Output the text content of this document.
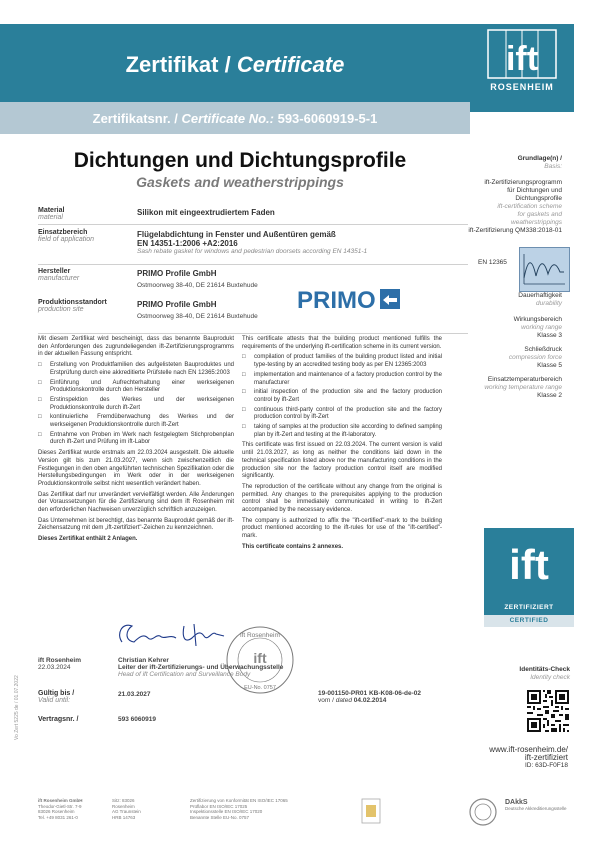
Zertifikat / Certificate
Zertifikatsnr. / Certificate No.: 593-6060919-5-1
ift
ROSENHEIM
Dichtungen und Dichtungsprofile
Gaskets and weatherstrippings
Material
material
Silikon mit eingeextrudiertem Faden
Einsatzbereich
field of application
Flügelabdichtung in Fenster und Außentüren gemäß
EN 14351-1:2006 +A2:2016
Sash rebate gasket for windows and pedestrian doorsets according EN 14351-1
Hersteller
manufacturer
PRIMO Profile GmbH
Ostmoorweg 38-40, DE 21614 Buxtehude
Produktionsstandort
production site
PRIMO Profile GmbH
Ostmoorweg 38-40, DE 21614 Buxtehude
PRIMO

Mit diesem Zertifikat wird bescheinigt, dass das benannte Bauprodukt den Anforderungen des zugrundeliegenden ift-Zertifizierungsprogramms in der aktuellen Fassung entspricht.

□ Erstellung von Produktfamilien des aufgelisteten Bauproduktes und Erstprüfung durch eine akkreditierte Prüfstelle nach EN 12365:2003
□ Einführung und Aufrechterhaltung einer werkseigenen Produktionskontrolle durch den Hersteller
□ Erstinspektion des Werkes und der werkseigenen Produktionskontrolle durch ift-Zert
□ kontinuierliche Fremdüberwachung des Werkes und der werkseigenen Produktionskontrolle durch ift-Zert
□ Entnahme von Proben im Werk nach festgelegtem Stichprobenplan durch ift-Zert und Prüfung im ift-Labor

Dieses Zertifikat wurde erstmals am 22.03.2024 ausgestellt. Die aktuelle Version gilt bis zum 21.03.2027, wenn sich zwischenzeitlich die Festlegungen in den oben angeführten technischen Spezifikation oder die Herstellungsbedingungen im Werk oder in der werkseigenen Produktionskontrolle selbst nicht wesentlich verändert haben.

Das Zertifikat darf nur unverändert vervielfältigt werden. Alle Änderungen der Voraussetzungen für die Zertifizierung sind dem ift Rosenheim mit den erforderlichen Nachweisen unverzüglich schriftlich anzuzeigen.

Das Unternehmen ist berechtigt, das benannte Bauprodukt gemäß der ift-Zeichensatzung mit dem „ift-zertifiziert"-Zeichen zu kennzeichnen.

Dieses Zertifikat enthält 2 Anlagen.

This certificate attests that the building product mentioned fulfills the requirements of the underlying ift-certification scheme in its current version.

□ compilation of product families of the building product listed and initial type-testing by an accredited testing body as per EN 12365:2003
□ implementation and maintenance of a factory production control by the manufacturer
□ initial inspection of the production site and the factory production control by ift-Zert
□ continuous third-party control of the production site and the factory production control by ift-Zert
□ taking of samples at the production site according to defined sampling plan by ift-Zert and testing at the ift-laboratory.

This certificate was first issued on 22.03.2024. The current version is valid until 21.03.2027, as long as neither the conditions laid down in the technical specification listed above nor the manufacturing conditions in the production site nor the factory production control itself are modified significantly.

The reproduction of the certificate without any change from the original is permitted. Any changes to the prerequisites applying to the production control shall be immediately communicated in writing to ift-Zert accompanied by the necessary evidence.

The company is authorized to affix the "ift-certified"-mark to the building product mentioned according to the ift-rules for use of the "ift-certified"-mark.

This certificate contains 2 annexes.

Grundlage(n) /
Basis:
ift-Zertifizierungsprogramm
für Dichtungen und
Dichtungsprofile
ift-certification scheme
for gaskets and
weatherstrippings
ift-Zertifizierung QM338:2018-01
EN 12365
Dauerhaftigkeit
durability
Wirkungsbereich
working range
Klasse 3
Schließdruck
compression force
Klasse 5
Einsatztemperaturbereich
working temperature range
Klasse 2
ift
ZERTIFIZIERT
CERTIFIED
Identitäts-Check
Identity check
www.ift-rosenheim.de/
ift-zertifiziert
ID: 63D-F0F18
ift Rosenheim
ift
EU-No. 0757
ift Rosenheim
22.03.2024
Christian Kehrer
Leiter der ift-Zertifizierungs- und Überwachungsstelle
Head of ift Certification and Surveillance Body
Gültig bis /
Valid until:
21.03.2027
Vertragsnr. /	593 6060919
19-001150-PR01 KB-K08-06-de-02
vom / dated 04.02.2014
Vo Zert 5225 de / 01.07.2022
ift Rosenheim GmbH
Theodor-Gietl-Str. 7-9
83026 Rosenheim
Tel. +49 8031 261-0
Sitz: 83026
Rosenheim
AG Traunstein
HRB 14763
Zertifizierung von Konformität EN ISO/IEC 17065
Prüflabor EN ISO/IEC 17025
Inspektionsstelle EN ISO/IEC 17020
Benannte Stelle EU-No. 0757
DAkkS
Deutsche Akkreditierungsstelle
